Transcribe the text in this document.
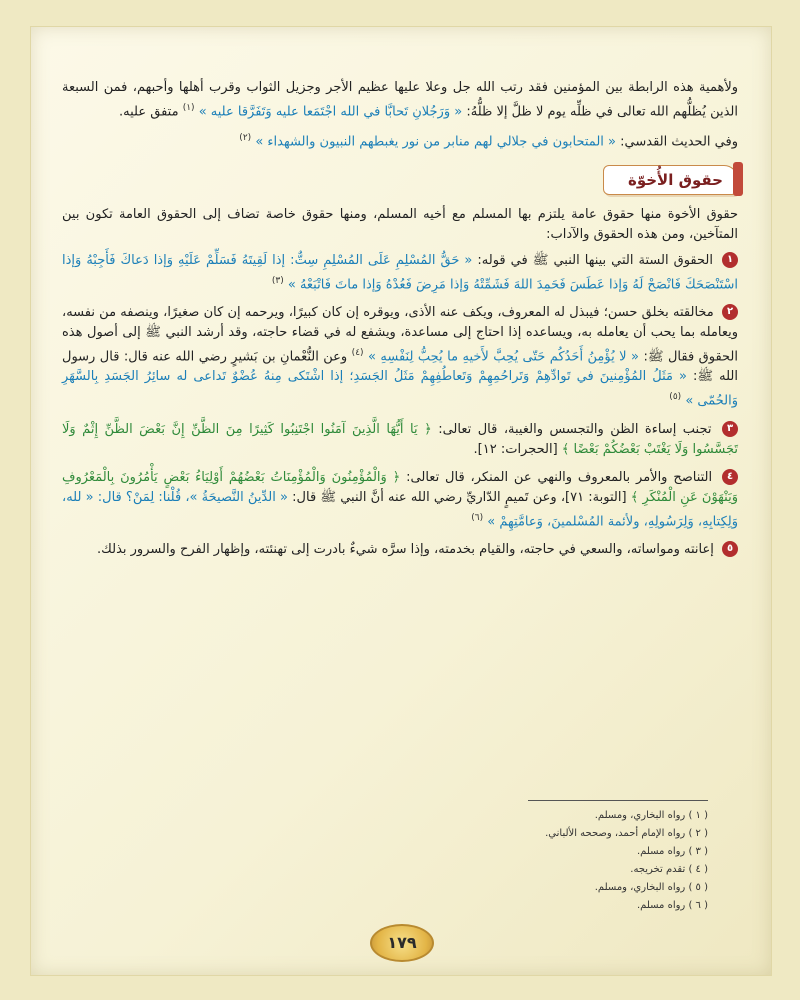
ولأهمية هذه الرابطة بين المؤمنين فقد رتب الله جل وعلا عليها عظيم الأجر وجزيل الثواب وقرب أهلها وأحبهم، فمن السبعة الذين يُظلُّهم الله تعالى في ظلِّه يوم لا ظلَّ إلا ظلُّهُ: « وَرَجُلانِ تَحابَّا في الله اجْتَمَعا عليه وَتَفَرَّقا عليه » $^{(١)}$ متفق عليه.

وفي الحديث القدسي: « المتحابون في جلالي لهم منابر من نور يغبطهم النبيون والشهداء » $^{(٢)}$

حقوق الأُخوّة

حقوق الأخوة منها حقوق عامة يلتزم بها المسلم مع أخيه المسلم، ومنها حقوق خاصة تضاف إلى الحقوق العامة تكون بين المتآخين، ومن هذه الحقوق والآداب:

١ الحقوق الستة التي بينها النبي ﷺ في قوله: « حَقُّ المُسْلِمِ عَلَى المُسْلِمِ سِتٌّ: إذا لَقِيتَهُ فَسَلِّمْ عَلَيْهِ وَإذا دَعاكَ فَأَجِبْهُ وَإذا اسْتَنْصَحَكَ فَانْصَحْ لَهُ وَإذا عَطَسَ فَحَمِدَ اللهَ فَشَمِّتْهُ وَإذا مَرِضَ فَعُدْهُ وَإذا ماتَ فَاتْبَعْهُ » $^{(٣)}$
٢ مخالقته بخلق حسن؛ فيبذل له المعروف، ويكف عنه الأذى، ويوقره إن كان كبيرًا، ويرحمه إن كان صغيرًا، وينصفه من نفسه، ويعامله بما يحب أن يعامله به، ويساعده إذا احتاج إلى مساعدة، ويشفع له في قضاء حاجته، وقد أرشد النبي ﷺ إلى أصول هذه الحقوق فقال ﷺ: « لا يُؤْمِنُ أَحَدُكُم حَتّى يُحِبَّ لأَخيهِ ما يُحِبُّ لِنَفْسِهِ » $^{(٤)}$ وعن النُّعْمانِ بن بَشيرٍ رضي الله عنه قال: قال رسول الله ﷺ: « مَثَلُ المُؤْمِنينَ في تَوادِّهِمْ وَتَراحُمِهِمْ وَتَعاطُفِهِمْ مَثَلُ الجَسَدِ؛ إذا اشْتَكى مِنهُ عُضْوٌ تَداعى له سائِرُ الجَسَدِ بِالسَّهَرِ وَالحُمّى » $^{(٥)}$
٣ تجنب إساءة الظن والتجسس والغيبة، قال تعالى: ﴿ يَا أَيُّهَا الَّذِينَ آمَنُوا اجْتَنِبُوا كَثِيرًا مِنَ الظَّنِّ إِنَّ بَعْضَ الظَّنِّ إِثْمٌ وَلَا تَجَسَّسُوا وَلَا يَغْتَبْ بَعْضُكُمْ بَعْضًا ﴾ [الحجرات: ١٢].
٤ التناصح والأمر بالمعروف والنهي عن المنكر، قال تعالى: ﴿ وَالْمُؤْمِنُونَ وَالْمُؤْمِنَاتُ بَعْضُهُمْ أَوْلِيَاءُ بَعْضٍ يَأْمُرُونَ بِالْمَعْرُوفِ وَيَنْهَوْنَ عَنِ الْمُنْكَرِ ﴾ [التوبة: ٧١]، وعن تَميمٍ الدّاريِّ رضي الله عنه أنَّ النبي ﷺ قال: « الدِّينُ النَّصيحَةُ »، قُلْنا: لِمَنْ؟ قال: « لله، وَلِكِتابِهِ، وَلِرَسُولِهِ، ولأئمة المُسْلمينَ، وَعامَّتِهِمْ » $^{(٦)}$
٥ إعانته ومواساته، والسعي في حاجته، والقيام بخدمته، وإذا سرَّه شيءٌ بادرت إلى تهنئته، وإظهار الفرح والسرور بذلك.
( ١ ) رواه البخاري، ومسلم.
( ٢ ) رواه الإمام أحمد، وصححه الألباني.
( ٣ ) رواه مسلم.
( ٤ ) تقدم تخريجه.
( ٥ ) رواه البخاري، ومسلم.
( ٦ ) رواه مسلم.
١٧٩
